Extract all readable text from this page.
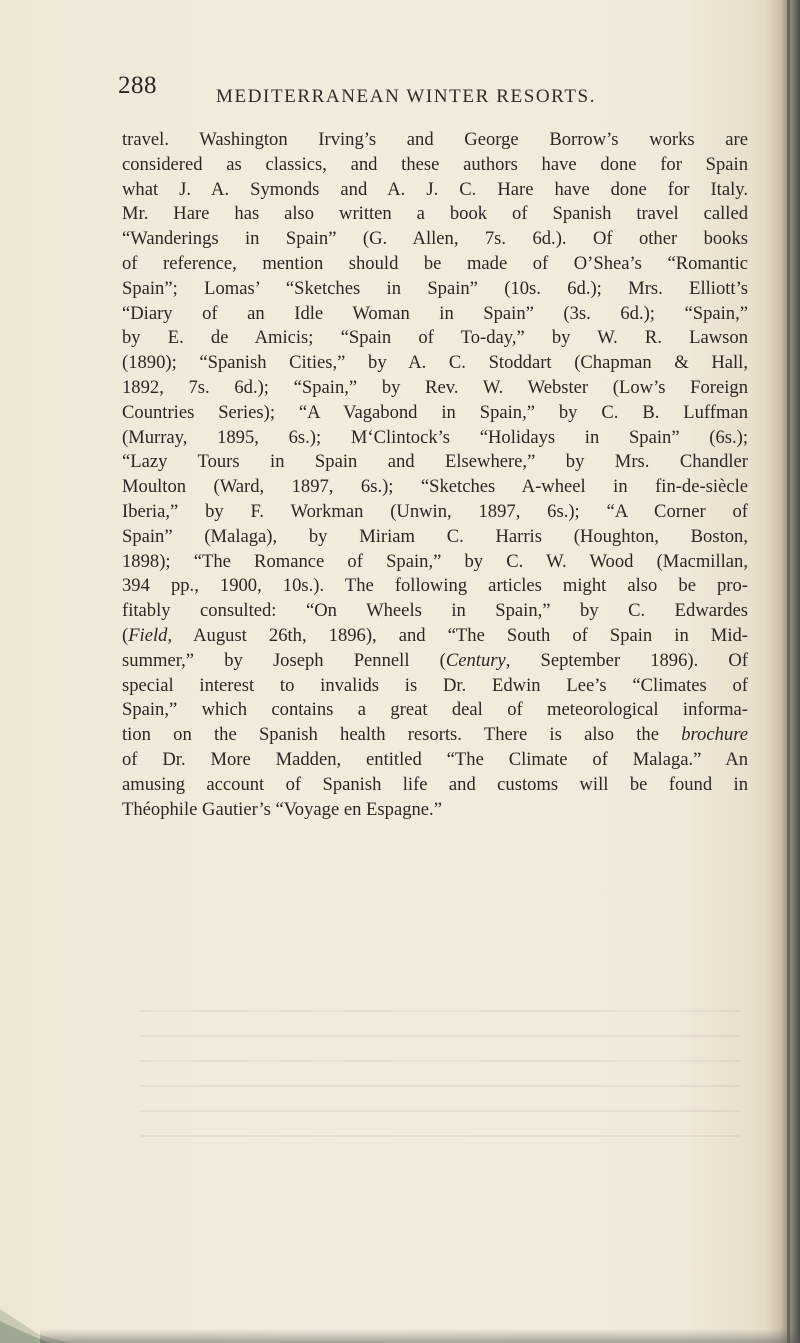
288	MEDITERRANEAN WINTER RESORTS.
travel. Washington Irving’s and George Borrow’s works are
considered as classics, and these authors have done for Spain
what J. A. Symonds and A. J. C. Hare have done for Italy.
Mr. Hare has also written a book of Spanish travel called
“Wanderings in Spain” (G. Allen, 7s. 6d.). Of other books
of reference, mention should be made of O’Shea’s “Romantic
Spain”; Lomas’ “Sketches in Spain” (10s. 6d.); Mrs. Elliott’s
“Diary of an Idle Woman in Spain” (3s. 6d.); “Spain,”
by E. de Amicis; “Spain of To-day,” by W. R. Lawson
(1890); “Spanish Cities,” by A. C. Stoddart (Chapman & Hall,
1892, 7s. 6d.); “Spain,” by Rev. W. Webster (Low’s Foreign
Countries Series); “A Vagabond in Spain,” by C. B. Luffman
(Murray, 1895, 6s.); M‘Clintock’s “Holidays in Spain” (6s.);
“Lazy Tours in Spain and Elsewhere,” by Mrs. Chandler
Moulton (Ward, 1897, 6s.); “Sketches A-wheel in fin-de-siècle
Iberia,” by F. Workman (Unwin, 1897, 6s.); “A Corner of
Spain” (Malaga), by Miriam C. Harris (Houghton, Boston,
1898); “The Romance of Spain,” by C. W. Wood (Macmillan,
394 pp., 1900, 10s.). The following articles might also be pro-
fitably consulted: “On Wheels in Spain,” by C. Edwardes
(Field, August 26th, 1896), and “The South of Spain in Mid-
summer,” by Joseph Pennell (Century, September 1896). Of
special interest to invalids is Dr. Edwin Lee’s “Climates of
Spain,” which contains a great deal of meteorological informa-
tion on the Spanish health resorts. There is also the brochure
of Dr. More Madden, entitled “The Climate of Malaga.” An
amusing account of Spanish life and customs will be found in
Théophile Gautier’s “Voyage en Espagne.”
